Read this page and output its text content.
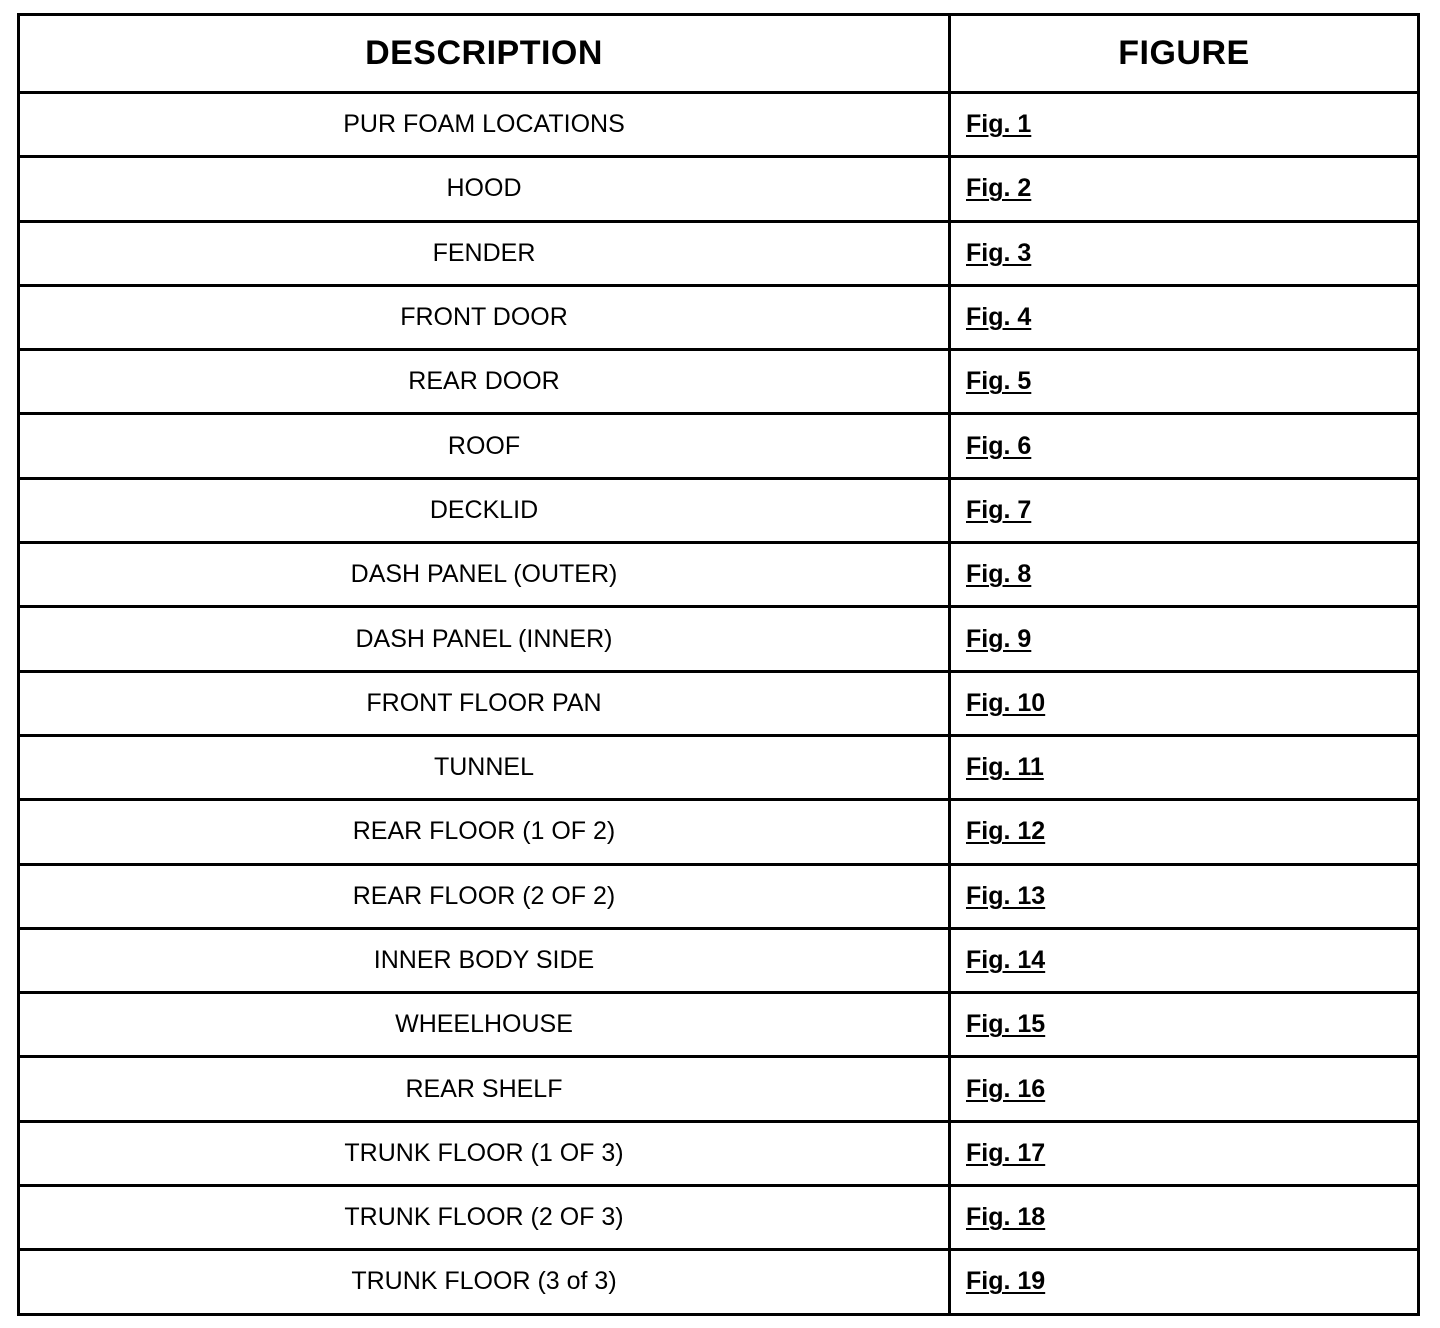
DESCRIPTION	FIGURE
PUR FOAM LOCATIONS	Fig. 1
HOOD	Fig. 2
FENDER	Fig. 3
FRONT DOOR	Fig. 4
REAR DOOR	Fig. 5
ROOF	Fig. 6
DECKLID	Fig. 7
DASH PANEL (OUTER)	Fig. 8
DASH PANEL (INNER)	Fig. 9
FRONT FLOOR PAN	Fig. 10
TUNNEL	Fig. 11
REAR FLOOR (1 OF 2)	Fig. 12
REAR FLOOR (2 OF 2)	Fig. 13
INNER BODY SIDE	Fig. 14
WHEELHOUSE	Fig. 15
REAR SHELF	Fig. 16
TRUNK FLOOR (1 OF 3)	Fig. 17
TRUNK FLOOR (2 OF 3)	Fig. 18
TRUNK FLOOR (3 of 3)	Fig. 19
